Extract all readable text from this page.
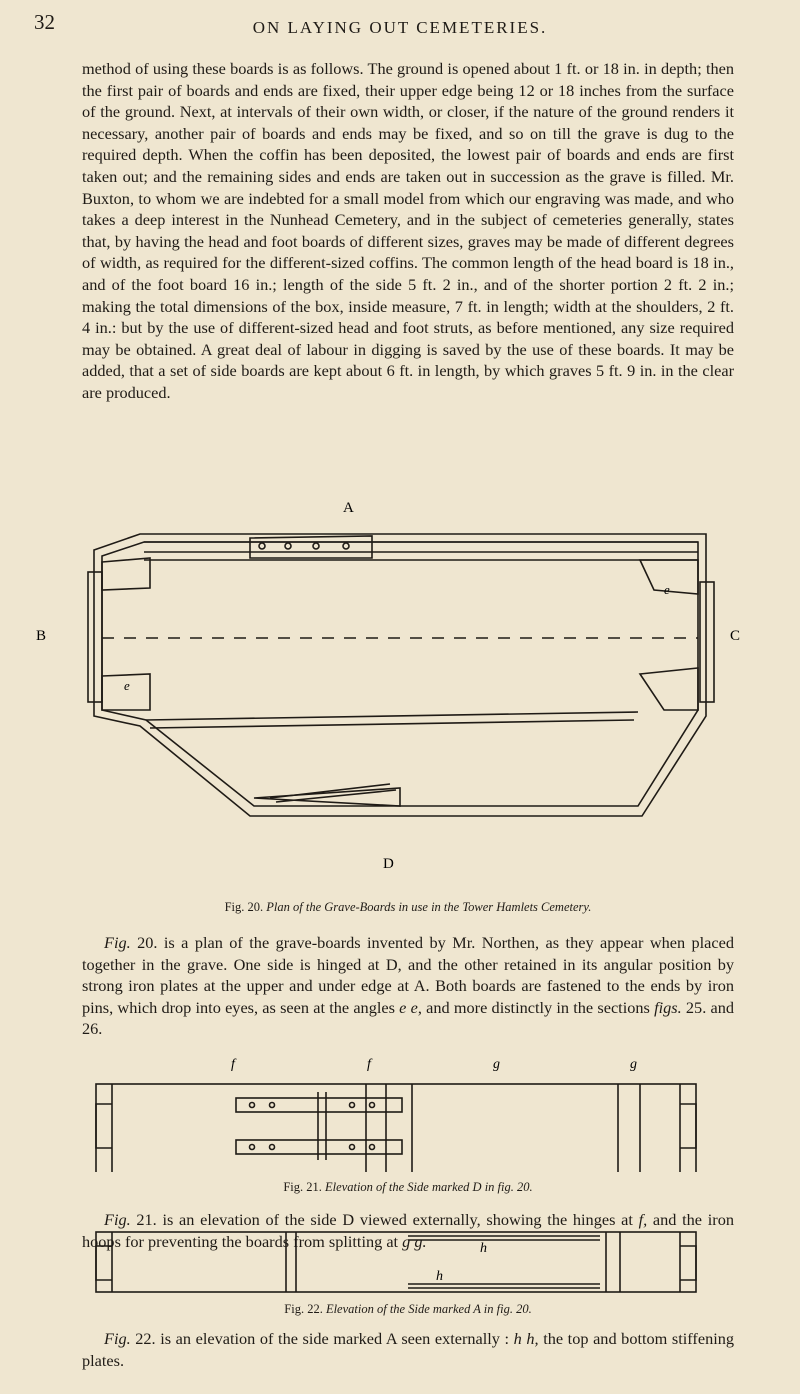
32	ON LAYING OUT CEMETERIES.

method of using these boards is as follows. The ground is opened about 1 ft. or 18 in. in depth; then the first pair of boards and ends are fixed, their upper edge being 12 or 18 inches from the surface of the ground. Next, at intervals of their own width, or closer, if the nature of the ground renders it necessary, another pair of boards and ends may be fixed, and so on till the grave is dug to the required depth. When the coffin has been deposited, the lowest pair of boards and ends are first taken out; and the remaining sides and ends are taken out in succession as the grave is filled. Mr. Buxton, to whom we are indebted for a small model from which our engraving was made, and who takes a deep interest in the Nunhead Cemetery, and in the subject of cemeteries generally, states that, by having the head and foot boards of different sizes, graves may be made of different degrees of width, as required for the different-sized coffins. The common length of the head board is 18 in., and of the foot board 16 in.; length of the side 5 ft. 2 in., and of the shorter portion 2 ft. 2 in.; making the total dimensions of the box, inside measure, 7 ft. in length; width at the shoulders, 2 ft. 4 in.: but by the use of different-sized head and foot struts, as before mentioned, any size required may be obtained. A great deal of labour in digging is saved by the use of these boards. It may be added, that a set of side boards are kept about 6 ft. in length, by which graves 5 ft. 9 in. in the clear are produced.

A
B	C
D
e
e
Fig. 20. Plan of the Grave-Boards in use in the Tower Hamlets Cemetery.

Fig. 20. is a plan of the grave-boards invented by Mr. Northen, as they appear when placed together in the grave. One side is hinged at D, and the other retained in its angular position by strong iron plates at the upper and under edge at A. Both boards are fastened to the ends by iron pins, which drop into eyes, as seen at the angles e e, and more distinctly in the sections figs. 25. and 26.

f	f	g	g
Fig. 21. Elevation of the Side marked D in fig. 20.

Fig. 21. is an elevation of the side D viewed externally, showing the hinges at f, and the iron hoops for preventing the boards from splitting at g g.	h
h
Fig. 22. Elevation of the Side marked A in fig. 20.

Fig. 22. is an elevation of the side marked A seen externally : h h, the top and bottom stiffening plates.
